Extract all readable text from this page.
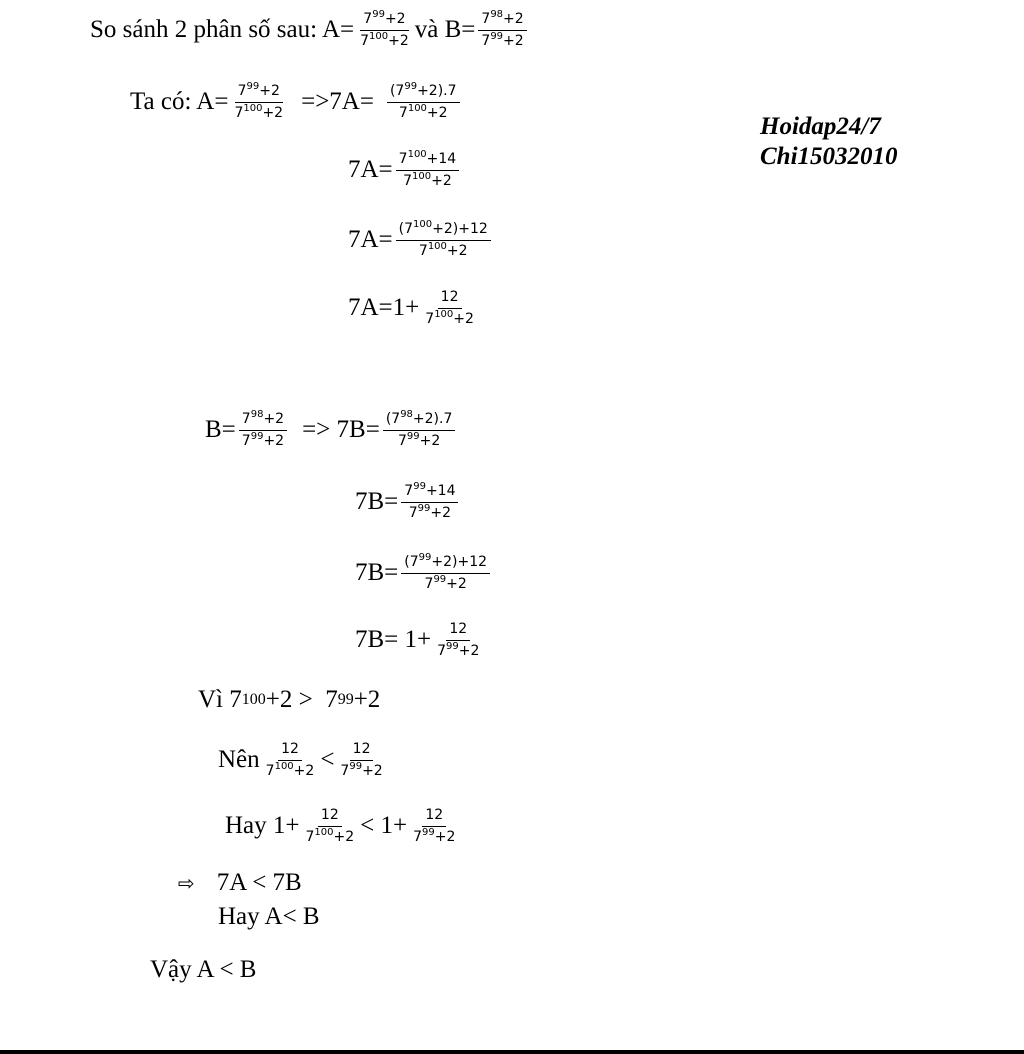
So sánh 2 phân số sau: $A= \frac{7^{99}+2}{7^{100}+2}$ và $B= \frac{7^{98}+2}{7^{99}+2}$
Hoidap24/7
Chi15032010
Ta có: $A= \frac{7^{99}+2}{7^{100}+2} =>7A= \frac{(7^{99}+2).7}{7^{100}+2}$
$7A= \frac{7^{100}+14}{7^{100}+2}$
$7A= \frac{(7^{100}+2)+12}{7^{100}+2}$
$7A=1+ \frac{12}{7^{100}+2}$
$B= \frac{7^{98}+2}{7^{99}+2} => 7B= \frac{(7^{98}+2).7}{7^{99}+2}$
$7B= \frac{7^{99}+14}{7^{99}+2}$
$7B= \frac{(7^{99}+2)+12}{7^{99}+2}$
$7B= 1+ \frac{12}{7^{99}+2}$
Vì 7 100 +2 >  7 99 +2
Nên $\frac{12}{7^{100}+2} < \frac{12}{7^{99}+2}$
Hay $1+ \frac{12}{7^{100}+2} < 1+ \frac{12}{7^{99}+2}$
⇨ 7A < 7B
Hay A< B
Vậy A < B
